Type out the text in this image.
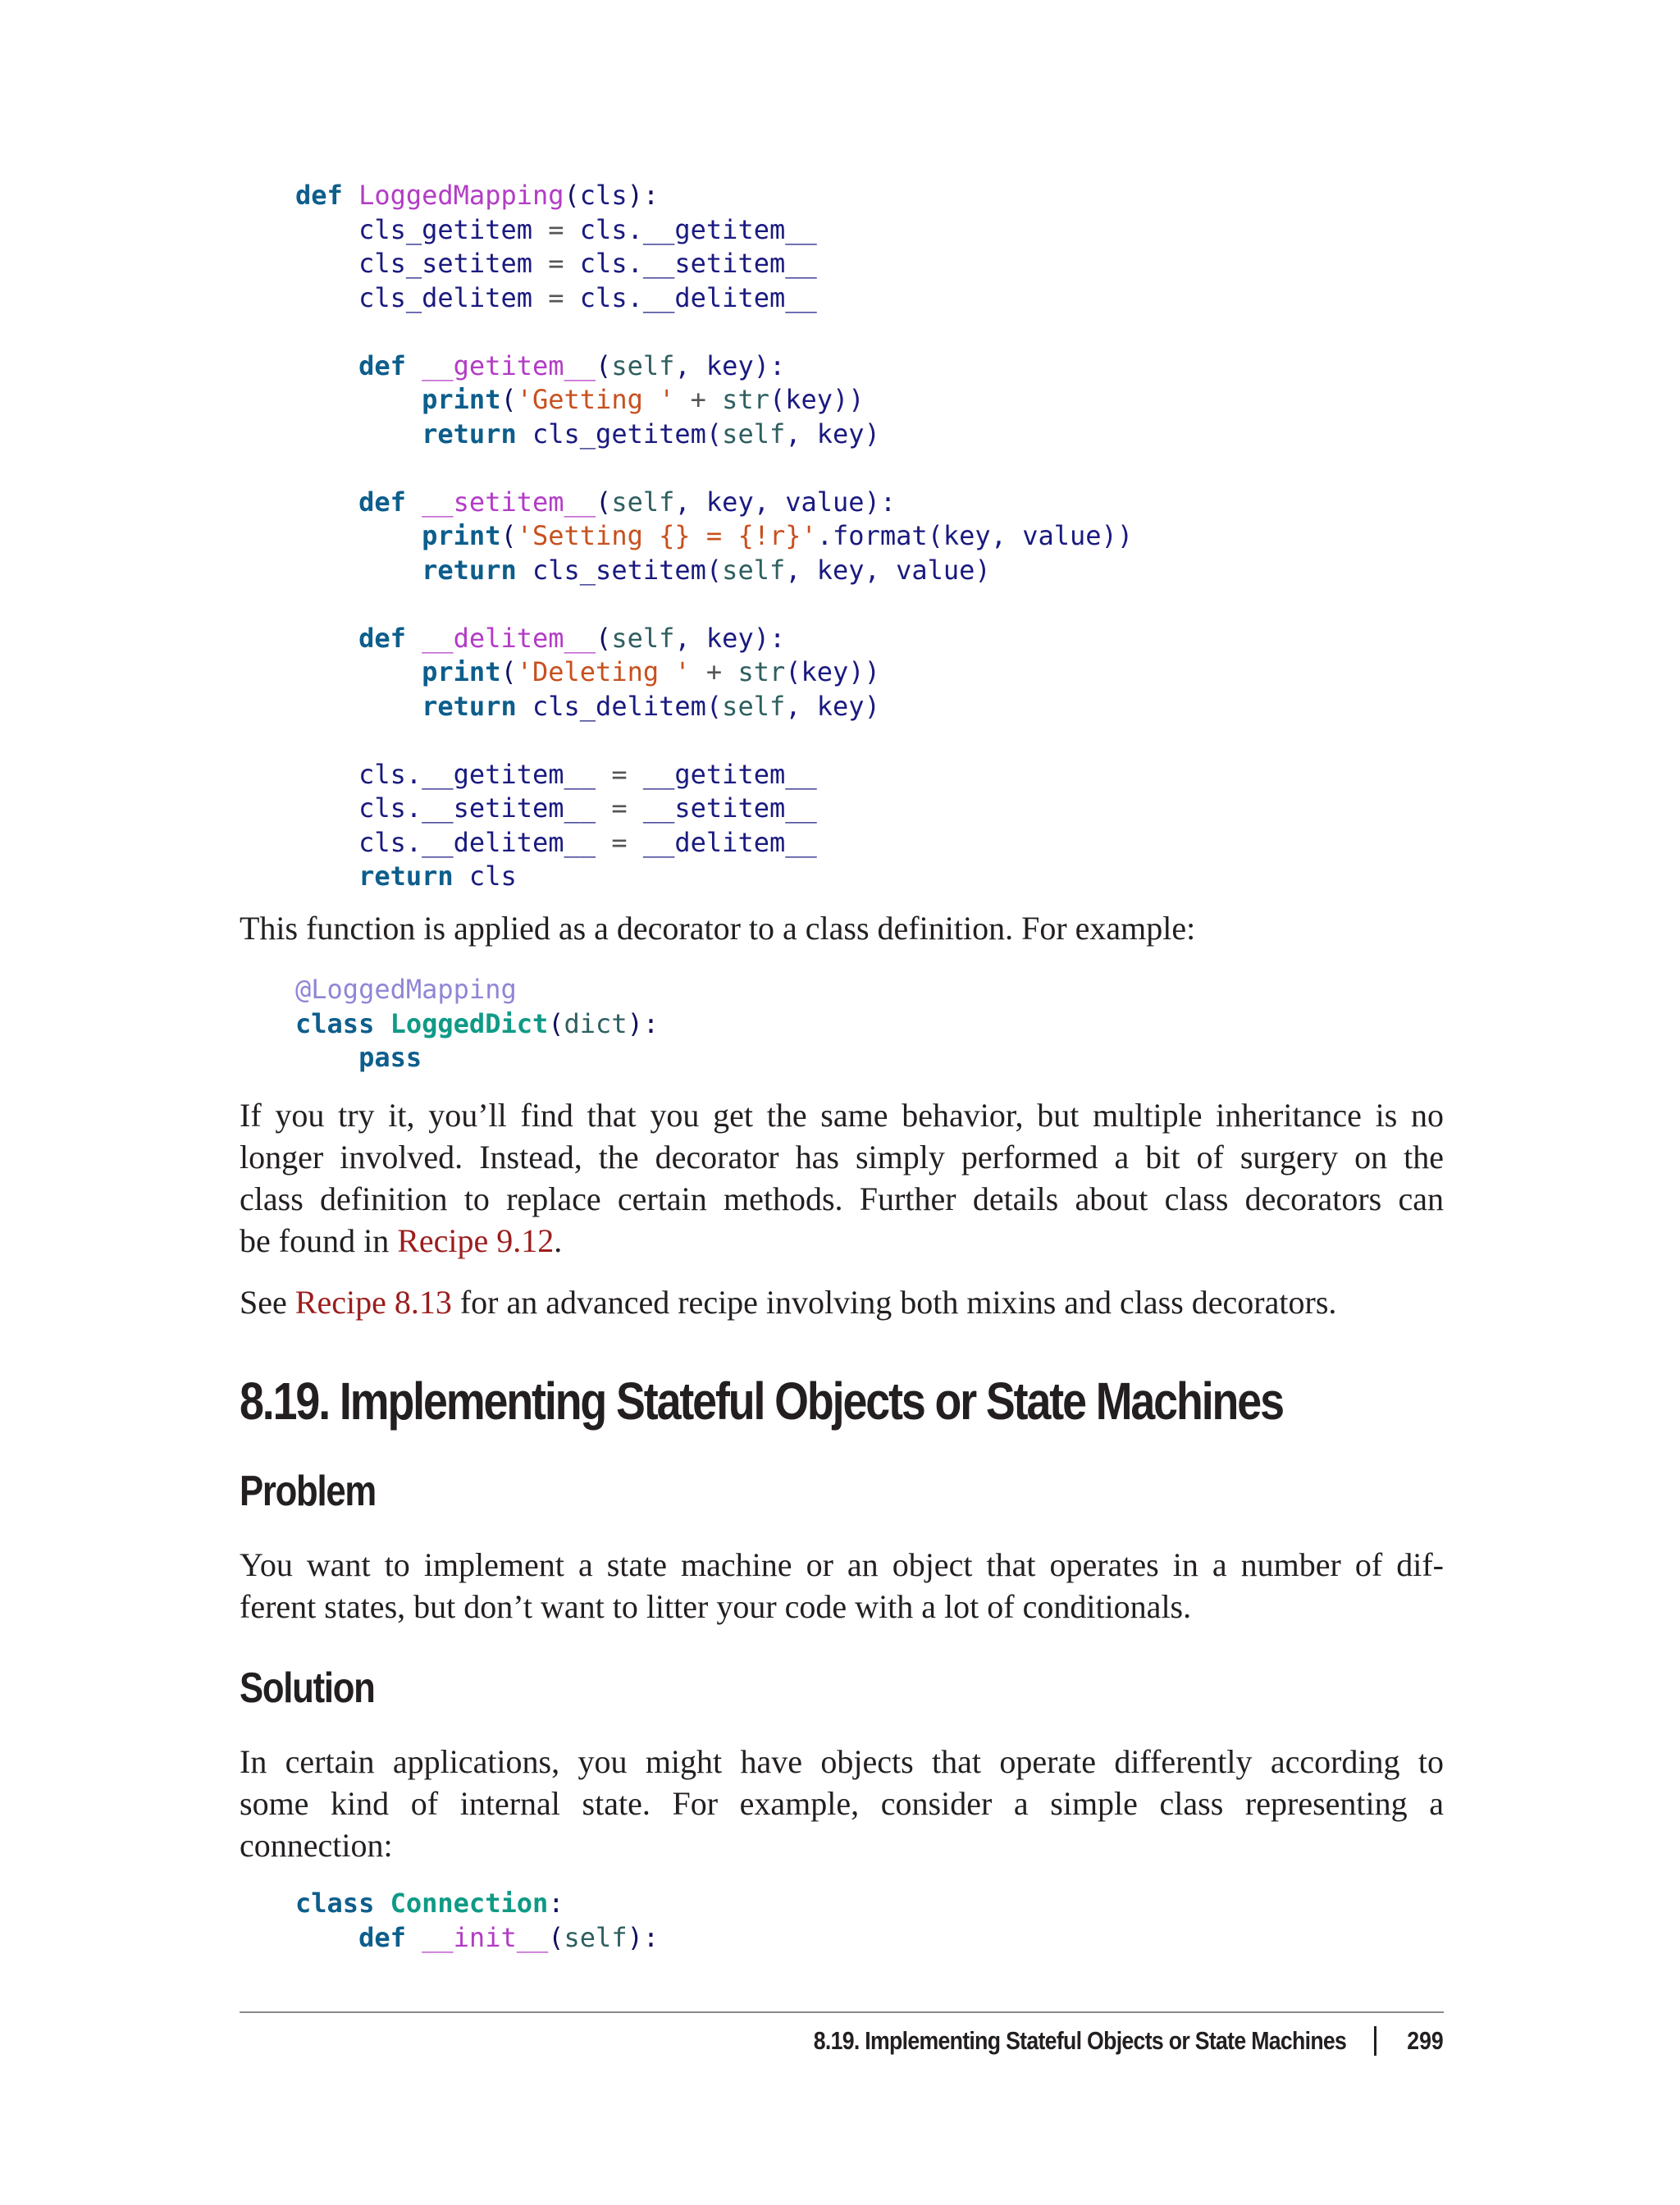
def LoggedMapping(cls):
cls_getitem = cls.__getitem__
cls_setitem = cls.__setitem__
cls_delitem = cls.__delitem__

def __getitem__(self, key):
print('Getting ' + str(key))
return cls_getitem(self, key)

def __setitem__(self, key, value):
print('Setting {} = {!r}'.format(key, value))
return cls_setitem(self, key, value)

def __delitem__(self, key):
print('Deleting ' + str(key))
return cls_delitem(self, key)

cls.__getitem__ = __getitem__
cls.__setitem__ = __setitem__
cls.__delitem__ = __delitem__
return cls
This function is applied as a decorator to a class definition. For example:
@LoggedMapping
class LoggedDict(dict):
pass
If you try it, you’ll find that you get the same behavior, but multiple inheritance is no
longer involved. Instead, the decorator has simply performed a bit of surgery on the
class definition to replace certain methods. Further details about class decorators can
be found in Recipe 9.12.
See Recipe 8.13 for an advanced recipe involving both mixins and class decorators.
8.19. Implementing Stateful Objects or State Machines
Problem
You want to implement a state machine or an object that operates in a number of dif-
ferent states, but don’t want to litter your code with a lot of conditionals.
Solution
In certain applications, you might have objects that operate differently according to
some kind of internal state. For example, consider a simple class representing a
connection:
class Connection:
def __init__(self):
8.19. Implementing Stateful Objects or State Machines 299
